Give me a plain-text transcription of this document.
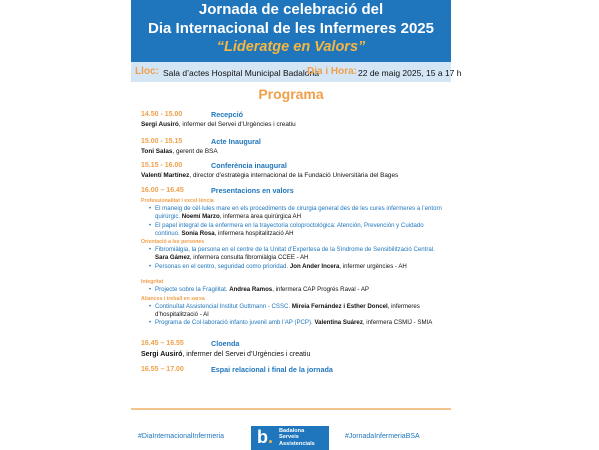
Jornada de celebració del
Dia Internacional de les Infermeres 2025
“Lideratge en Valors”
Lloc: Sala d’actes Hospital Municipal Badalona
Dia i Hora: 22 de maig 2025, 15 a 17 h
Programa
14.50 - 15.00	Recepció
Sergi Ausiró, infermer del Servei d’Urgències i creatiu
15.00 - 15.15	Acte Inaugural
Toni Salas, gerent de BSA
15.15 - 16.00	Conferència inaugural
Valentí Martínez, director d’estratègia internacional de la Fundació Universitària del Bages
16.00 – 16.45	Presentacions en valors
Professionalitat i excel·lència
• El maneig de cèl·lules mare en els procediments de cirurgia general des de les cures infermeres a l’entorn quirúrgic. Noemí Marzo, infermera àrea quirúrgica AH
• El papel integral de la enfermera en la trayectoria coloproctológica: Atención, Prevención y Cuidado continuo. Sonia Rosa, infermera hospitalització AH
Orientació a les persones
• Fibromiàlgia, la persona en el centre de la Unitat d’Expertesa de la Síndrome de Sensibilització Central. Sara Gámez, infermera consulta fibromiàlgia CCEE - AH
• Personas en el centro, seguridad como prioridad. Jon Ander Incera, infermer urgències - AH
Integritat
• Projecte sobre la Fragilitat. Andrea Ramos, infermera CAP Progrés Raval - AP
Aliances i treball en xarxa
• Continuïtat Assistencial Institut Guttmann - CSSC. Mireia Fernández i Esther Doncel, infermeres d’hospitalització - AI
• Programa de Col·laboració infanto juvenil amb l’AP (PCP). Valentina Suárez, infermera CSMIJ - SMIA
16.45 – 16.55	Cloenda
Sergi Ausiró, infermer del Servei d’Urgències i creatiu
16.55 – 17.00	Espai relacional i final de la jornada
b. Badalona
Serveis
Assistencials
#DiaInternacionalInfermeria	#JornadaInfermeriaBSA
